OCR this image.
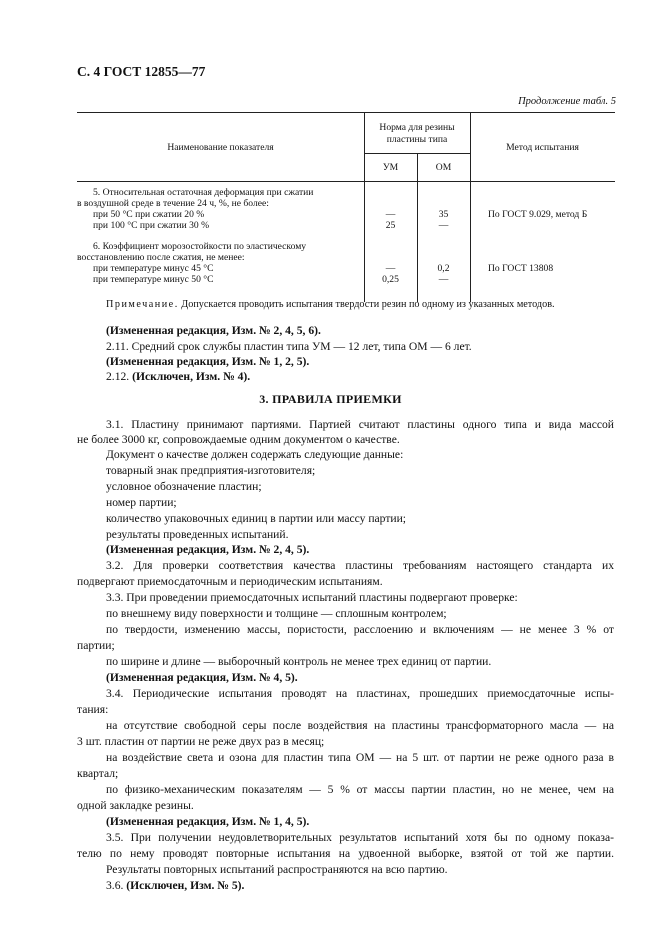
С. 4 ГОСТ 12855—77
Продолжение табл. 5
Наименование показателя
Норма для резины
пластины типа
УМ	ОМ
Метод испытания
5. Относительная остаточная деформация при сжатии
в воздушной среде в течение 24 ч, %, не более:
при 50 °С при сжатии 20 %
при 100 °С при сжатии 30 %
—
25
35
—
По ГОСТ 9.029, метод Б
6. Коэффициент морозостойкости по эластическому
восстановлению после сжатия, не менее:
при температуре минус 45 °С
при температуре минус 50 °С
—
0,25
0,2
—
По ГОСТ 13808
Примечание. Допускается проводить испытания твердости резин по одному из указанных методов.
(Измененная редакция, Изм. № 2, 4, 5, 6).
2.11. Средний срок службы пластин типа УМ — 12 лет, типа ОМ — 6 лет.
(Измененная редакция, Изм. № 1, 2, 5).
2.12. (Исключен, Изм. № 4).
3. ПРАВИЛА ПРИЕМКИ
3.1. Пластину принимают партиями. Партией считают пластины одного типа и вида массой
не более 3000 кг, сопровождаемые одним документом о качестве.
Документ о качестве должен содержать следующие данные:
товарный знак предприятия-изготовителя;
условное обозначение пластин;
номер партии;
количество упаковочных единиц в партии или массу партии;
результаты проведенных испытаний.
(Измененная редакция, Изм. № 2, 4, 5).
3.2. Для проверки соответствия качества пластины требованиям настоящего стандарта их
подвергают приемосдаточным и периодическим испытаниям.
3.3. При проведении приемосдаточных испытаний пластины подвергают проверке:
по внешнему виду поверхности и толщине — сплошным контролем;
по твердости, изменению массы, пористости, расслоению и включениям — не менее 3 % от
партии;
по ширине и длине — выборочный контроль не менее трех единиц от партии.
(Измененная редакция, Изм. № 4, 5).
3.4. Периодические испытания проводят на пластинах, прошедших приемосдаточные испы-
тания:
на отсутствие свободной серы после воздействия на пластины трансформаторного масла — на
3 шт. пластин от партии не реже двух раз в месяц;
на воздействие света и озона для пластин типа ОМ — на 5 шт. от партии не реже одного раза в
квартал;
по физико-механическим показателям — 5 % от массы партии пластин, но не менее, чем на
одной закладке резины.
(Измененная редакция, Изм. № 1, 4, 5).
3.5. При получении неудовлетворительных результатов испытаний хотя бы по одному показа-
телю по нему проводят повторные испытания на удвоенной выборке, взятой от той же партии.
Результаты повторных испытаний распространяются на всю партию.
3.6. (Исключен, Изм. № 5).
